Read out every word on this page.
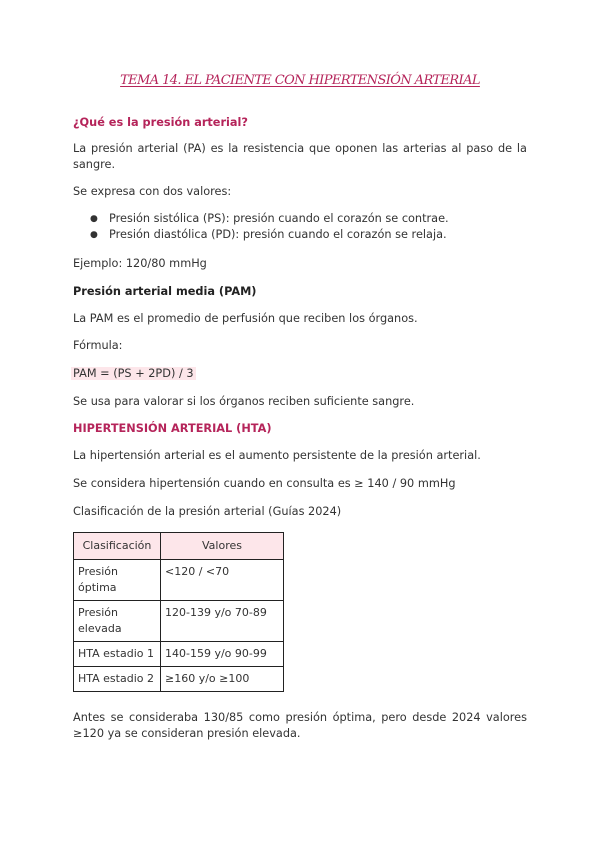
TEMA 14. EL PACIENTE CON HIPERTENSIÓN ARTERIAL
¿Qué es la presión arterial?
La presión arterial (PA) es la resistencia que oponen las arterias al paso de la sangre.
Se expresa con dos valores:
● Presión sistólica (PS): presión cuando el corazón se contrae.
● Presión diastólica (PD): presión cuando el corazón se relaja.
Ejemplo: 120/80 mmHg
Presión arterial media (PAM)
La PAM es el promedio de perfusión que reciben los órganos.
Fórmula:
PAM = (PS + 2PD) / 3
Se usa para valorar si los órganos reciben suficiente sangre.
HIPERTENSIÓN ARTERIAL (HTA)
La hipertensión arterial es el aumento persistente de la presión arterial.
Se considera hipertensión cuando en consulta es ≥ 140 / 90 mmHg
Clasificación de la presión arterial (Guías 2024)
Clasificación	Valores
Presión óptima	<120 / <70
Presión elevada	120-139 y/o 70-89
HTA estadio 1	140-159 y/o 90-99
HTA estadio 2	≥160 y/o ≥100
Antes se consideraba 130/85 como presión óptima, pero desde 2024 valores ≥120 ya se consideran presión elevada.
